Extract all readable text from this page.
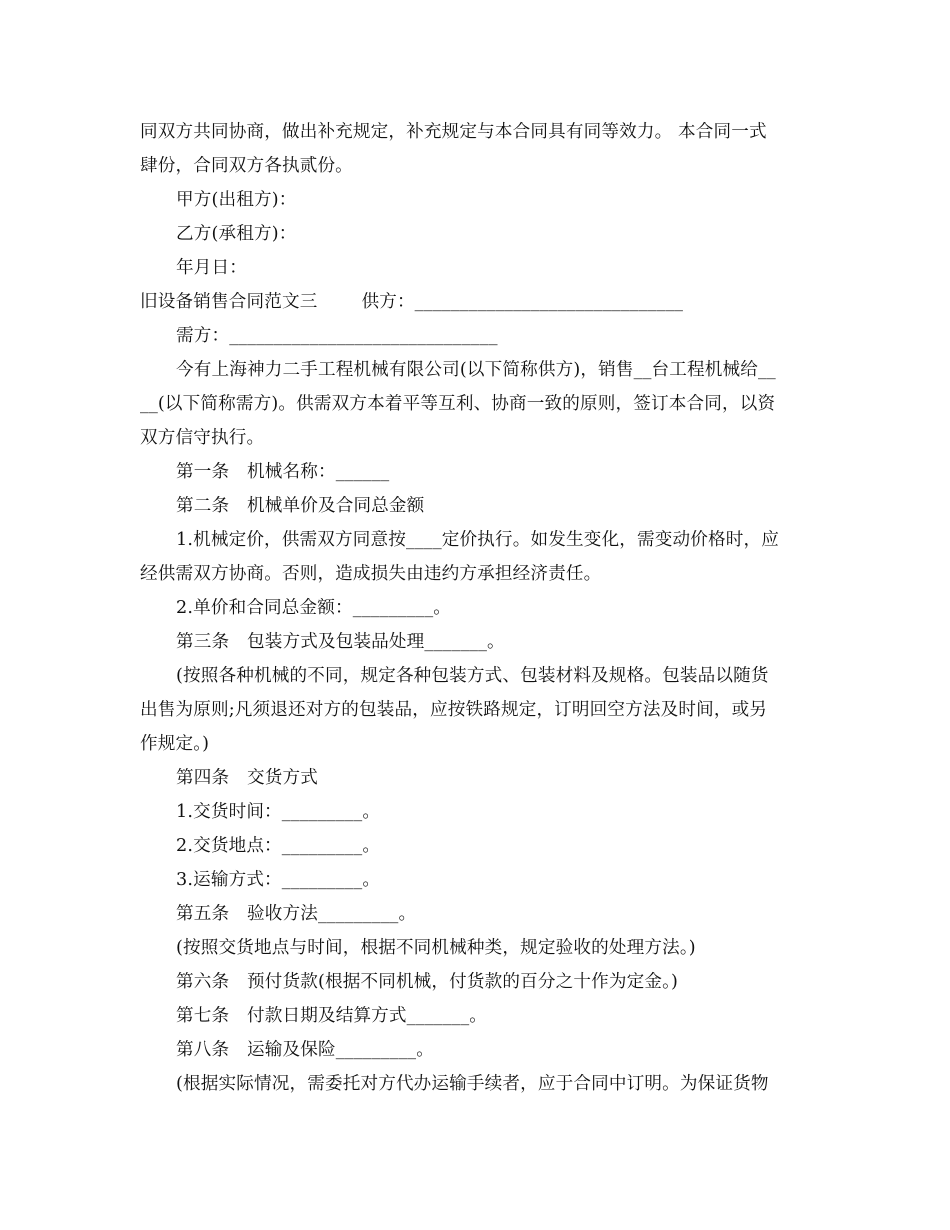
同双方共同协商，做出补充规定，补充规定与本合同具有同等效力。 本合同一式
肆份，合同双方各执贰份。
甲方(出租方)：
乙方(承租方)：
年月日：
旧设备销售合同范文三	供方：______________________________
需方：______________________________
今有上海神力二手工程机械有限公司(以下简称供方)，销售__台工程机械给__
__(以下简称需方)。供需双方本着平等互利、协商一致的原则，签订本合同，以资
双方信守执行。
第一条　机械名称：______
第二条　机械单价及合同总金额
1.机械定价，供需双方同意按____定价执行。如发生变化，需变动价格时，应
经供需双方协商。否则，造成损失由违约方承担经济责任。
2.单价和合同总金额：_________。
第三条　包装方式及包装品处理_______。
(按照各种机械的不同，规定各种包装方式、包装材料及规格。包装品以随货
出售为原则;凡须退还对方的包装品，应按铁路规定，订明回空方法及时间，或另
作规定。)
第四条　交货方式
1.交货时间：_________。
2.交货地点：_________。
3.运输方式：_________。
第五条　验收方法_________。
(按照交货地点与时间，根据不同机械种类，规定验收的处理方法。)
第六条　预付货款(根据不同机械，付货款的百分之十作为定金。)
第七条　付款日期及结算方式_______。
第八条　运输及保险_________。
(根据实际情况，需委托对方代办运输手续者，应于合同中订明。为保证货物
